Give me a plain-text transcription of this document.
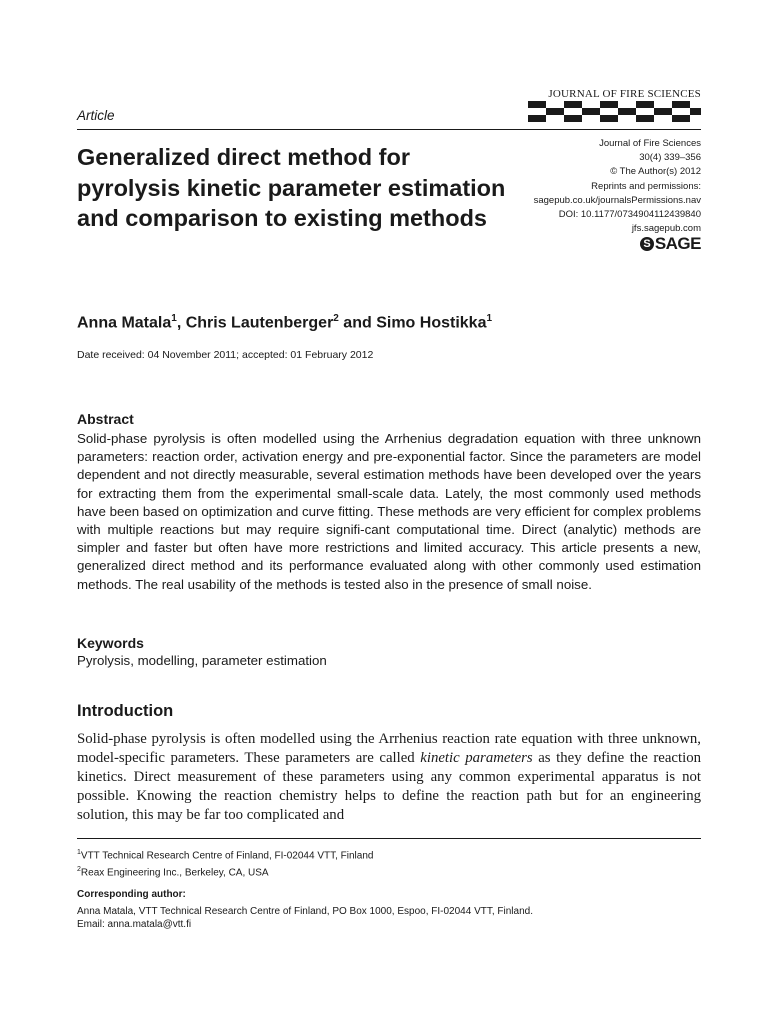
JOURNAL OF FIRE SCIENCES
Article
Journal of Fire Sciences
30(4) 339–356
© The Author(s) 2012
Reprints and permissions:
sagepub.co.uk/journalsPermissions.nav
DOI: 10.1177/0734904112439840
jfs.sagepub.com
S SAGE
Generalized direct method for pyrolysis kinetic parameter estimation and comparison to existing methods
Anna Matala$^1$, Chris Lautenberger$^2$ and Simo Hostikka$^1$
Date received: 04 November 2011; accepted: 01 February 2012
Abstract
Solid-phase pyrolysis is often modelled using the Arrhenius degradation equation with three unknown parameters: reaction order, activation energy and pre-exponential factor. Since the parameters are model dependent and not directly measurable, several estimation methods have been developed over the years for extracting them from the experimental small-scale data. Lately, the most commonly used methods have been based on optimization and curve fitting. These methods are very efficient for complex problems with multiple reactions but may require signifi-cant computational time. Direct (analytic) methods are simpler and faster but often have more restrictions and limited accuracy. This article presents a new, generalized direct method and its performance evaluated along with other commonly used estimation methods. The real usability of the methods is tested also in the presence of small noise.
Keywords
Pyrolysis, modelling, parameter estimation
Introduction
Solid-phase pyrolysis is often modelled using the Arrhenius reaction rate equation with three unknown, model-specific parameters. These parameters are called kinetic parameters as they define the reaction kinetics. Direct measurement of these parameters using any common experimental apparatus is not possible. Knowing the reaction chemistry helps to define the reaction path but for an engineering solution, this may be far too complicated and
$^1$VTT Technical Research Centre of Finland, FI-02044 VTT, Finland
$^2$Reax Engineering Inc., Berkeley, CA, USA
Corresponding author:
Anna Matala, VTT Technical Research Centre of Finland, PO Box 1000, Espoo, FI-02044 VTT, Finland.
Email: anna.matala@vtt.fi
